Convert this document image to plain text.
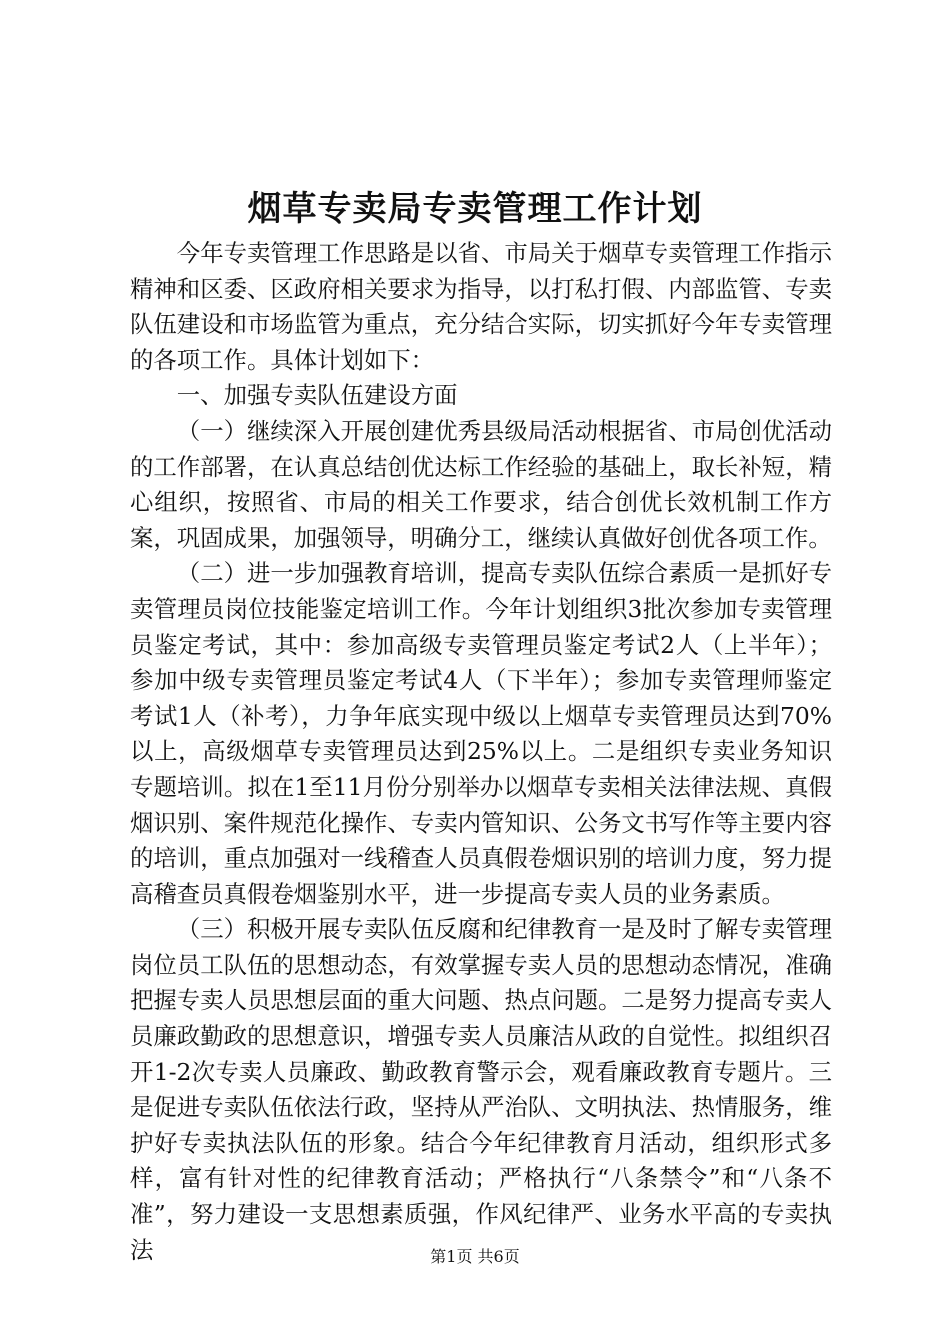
烟草专卖局专卖管理工作计划

今年专卖管理工作思路是以省、市局关于烟草专卖管理工作指示精神和区委、区政府相关要求为指导，以打私打假、内部监管、专卖队伍建设和市场监管为重点，充分结合实际，切实抓好今年专卖管理的各项工作。具体计划如下：

一、加强专卖队伍建设方面

（一）继续深入开展创建优秀县级局活动根据省、市局创优活动的工作部署，在认真总结创优达标工作经验的基础上，取长补短，精心组织，按照省、市局的相关工作要求，结合创优长效机制工作方案，巩固成果，加强领导，明确分工，继续认真做好创优各项工作。

（二）进一步加强教育培训，提高专卖队伍综合素质一是抓好专卖管理员岗位技能鉴定培训工作。今年计划组织3批次参加专卖管理员鉴定考试，其中：参加高级专卖管理员鉴定考试2人（上半年）；参加中级专卖管理员鉴定考试4人（下半年）；参加专卖管理师鉴定考试1人（补考），力争年底实现中级以上烟草专卖管理员达到70%以上，高级烟草专卖管理员达到25%以上。二是组织专卖业务知识专题培训。拟在1至11月份分别举办以烟草专卖相关法律法规、真假烟识别、案件规范化操作、专卖内管知识、公务文书写作等主要内容的培训，重点加强对一线稽查人员真假卷烟识别的培训力度，努力提高稽查员真假卷烟鉴别水平，进一步提高专卖人员的业务素质。

（三）积极开展专卖队伍反腐和纪律教育一是及时了解专卖管理岗位员工队伍的思想动态，有效掌握专卖人员的思想动态情况，准确把握专卖人员思想层面的重大问题、热点问题。二是努力提高专卖人员廉政勤政的思想意识，增强专卖人员廉洁从政的自觉性。拟组织召开1-2次专卖人员廉政、勤政教育警示会，观看廉政教育专题片。三是促进专卖队伍依法行政，坚持从严治队、文明执法、热情服务，维护好专卖执法队伍的形象。结合今年纪律教育月活动，组织形式多样，富有针对性的纪律教育活动；严格执行“八条禁令”和“八条不准”，努力建设一支思想素质强，作风纪律严、业务水平高的专卖执法	第1页 共6页
